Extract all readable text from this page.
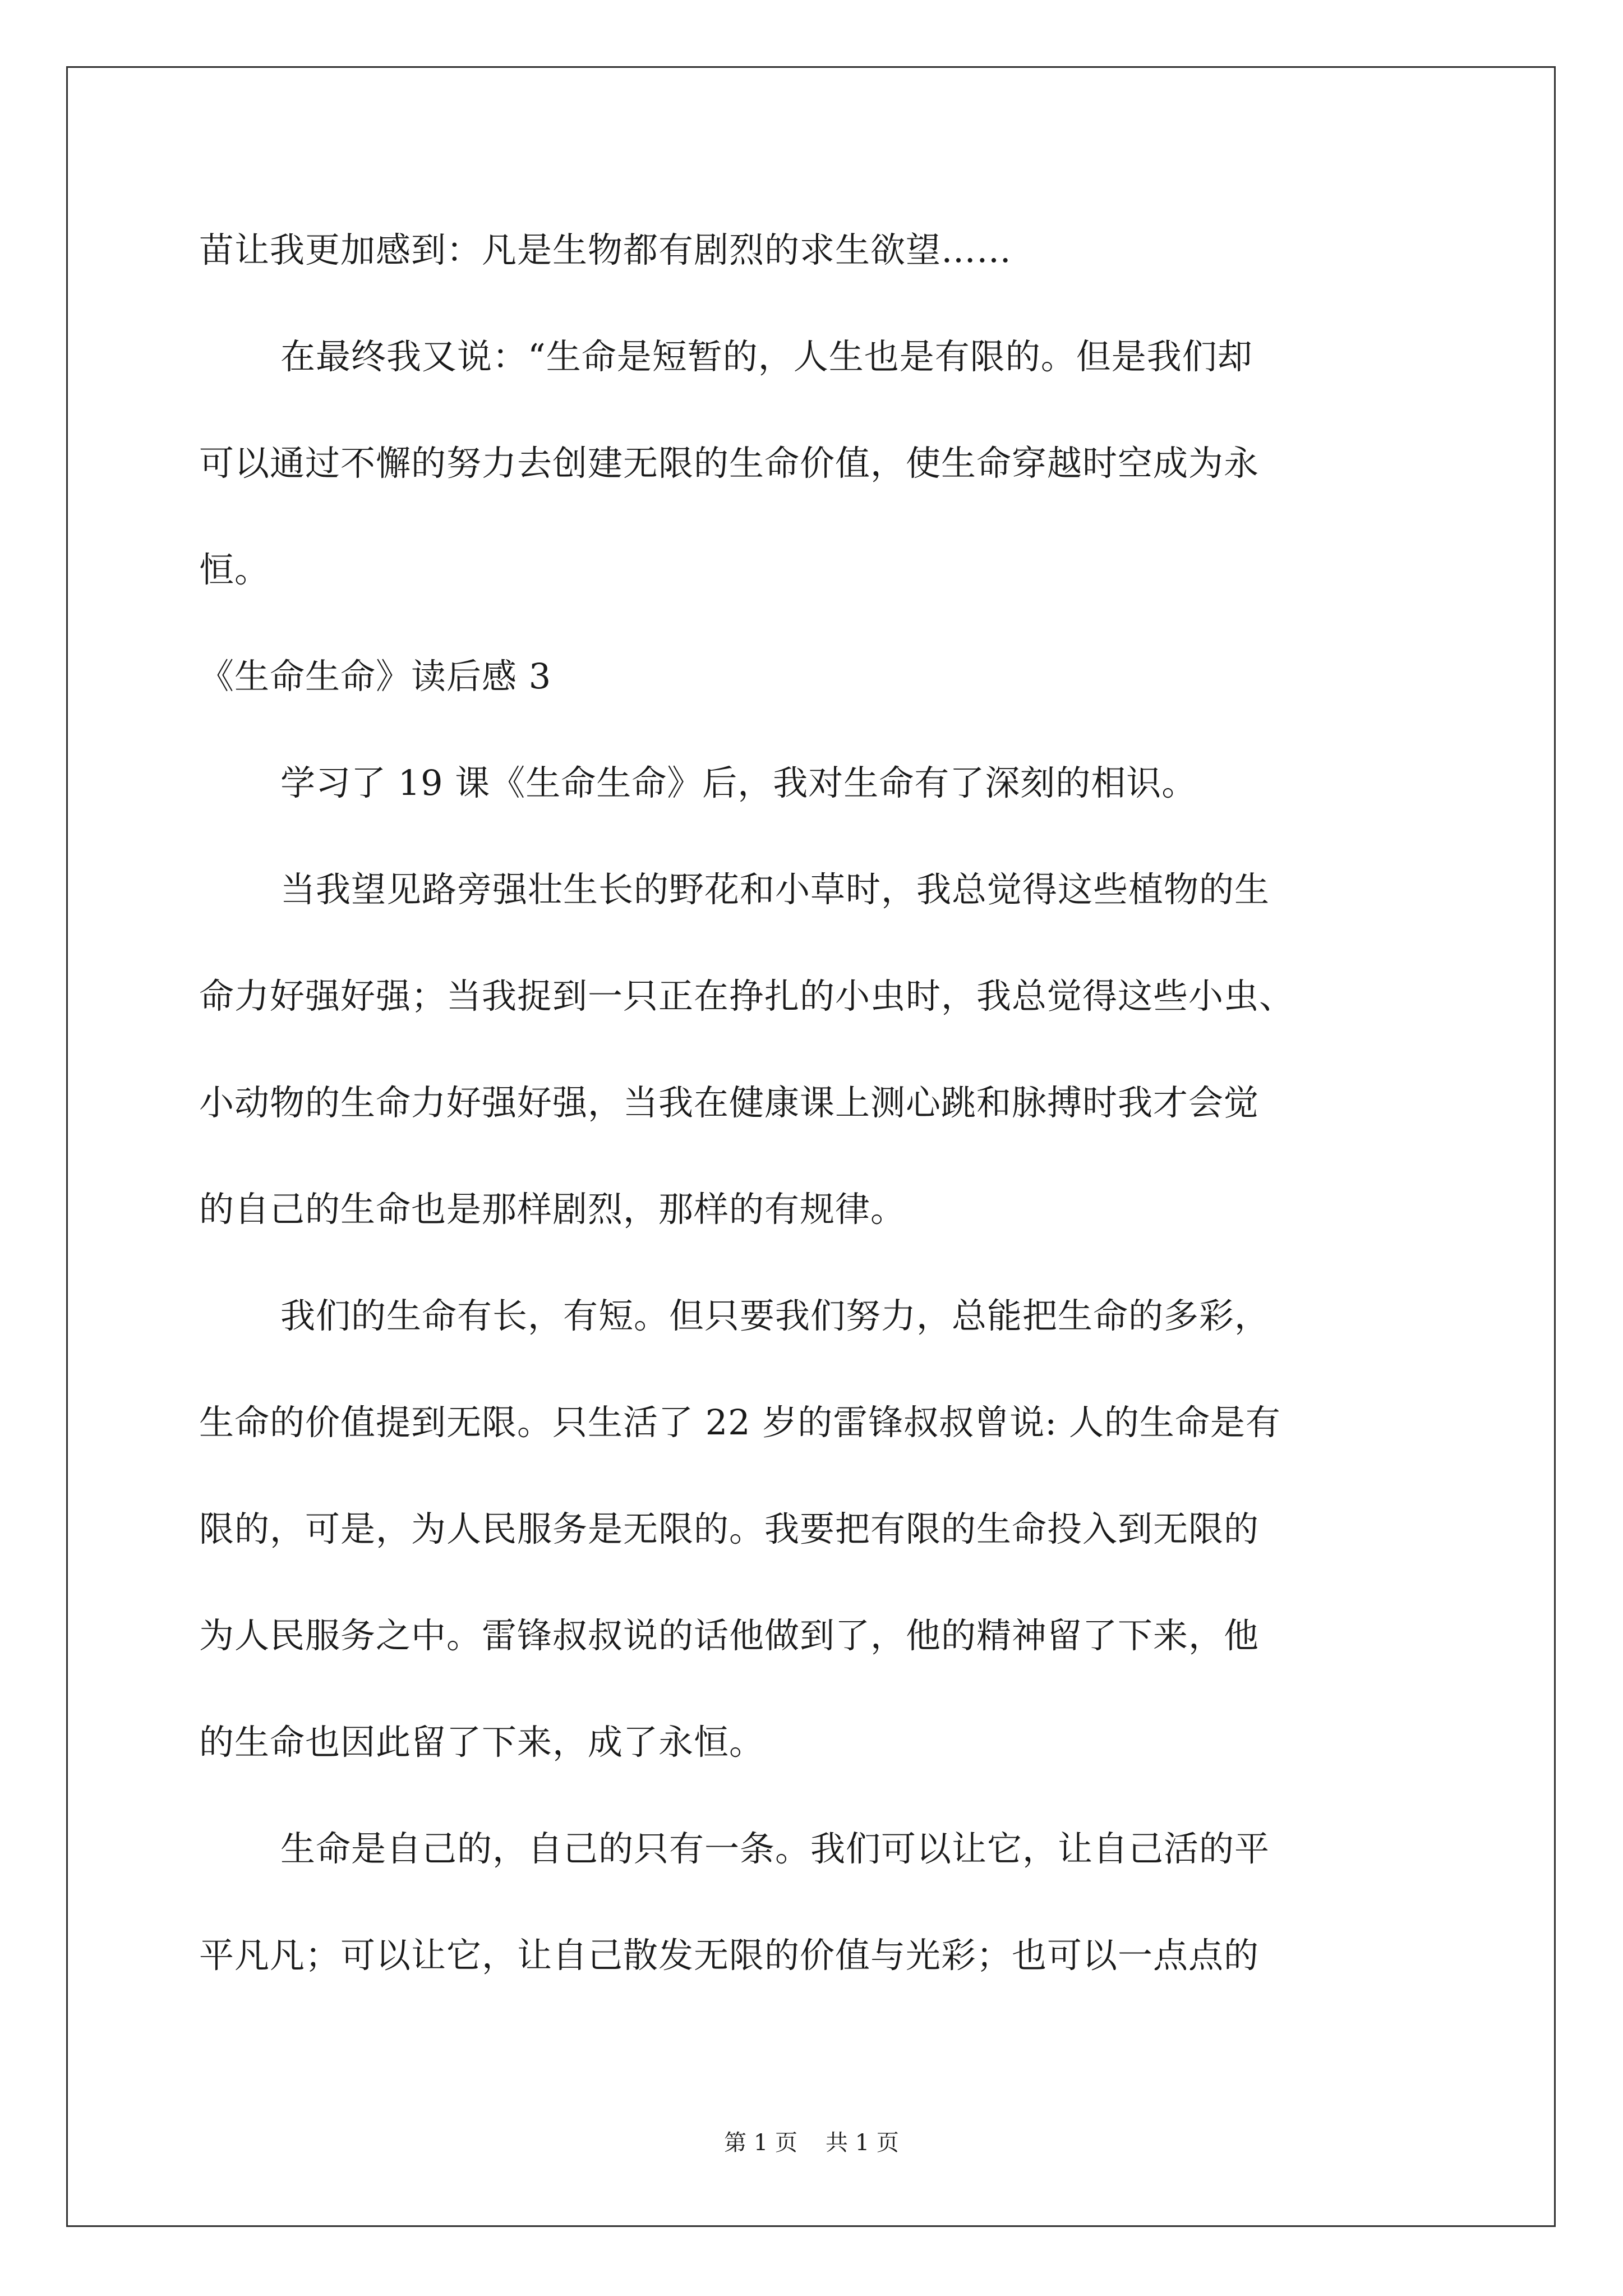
苗让我更加感到：凡是生物都有剧烈的求生欲望……
在最终我又说：“生命是短暂的，人生也是有限的。但是我们却
可以通过不懈的努力去创建无限的生命价值，使生命穿越时空成为永
恒。
《生命生命》读后感 3
学习了 19 课《生命生命》后，我对生命有了深刻的相识。
当我望见路旁强壮生长的野花和小草时，我总觉得这些植物的生
命力好强好强；当我捉到一只正在挣扎的小虫时，我总觉得这些小虫、
小动物的生命力好强好强，当我在健康课上测心跳和脉搏时我才会觉
的自己的生命也是那样剧烈，那样的有规律。
我们的生命有长，有短。但只要我们努力，总能把生命的多彩，
生命的价值提到无限。只生活了 22 岁的雷锋叔叔曾说: 人的生命是有
限的，可是，为人民服务是无限的。我要把有限的生命投入到无限的
为人民服务之中。雷锋叔叔说的话他做到了，他的精神留了下来，他
的生命也因此留了下来，成了永恒。
生命是自己的，自己的只有一条。我们可以让它，让自己活的平
平凡凡；可以让它，让自己散发无限的价值与光彩；也可以一点点的
第 1 页 共 1 页
